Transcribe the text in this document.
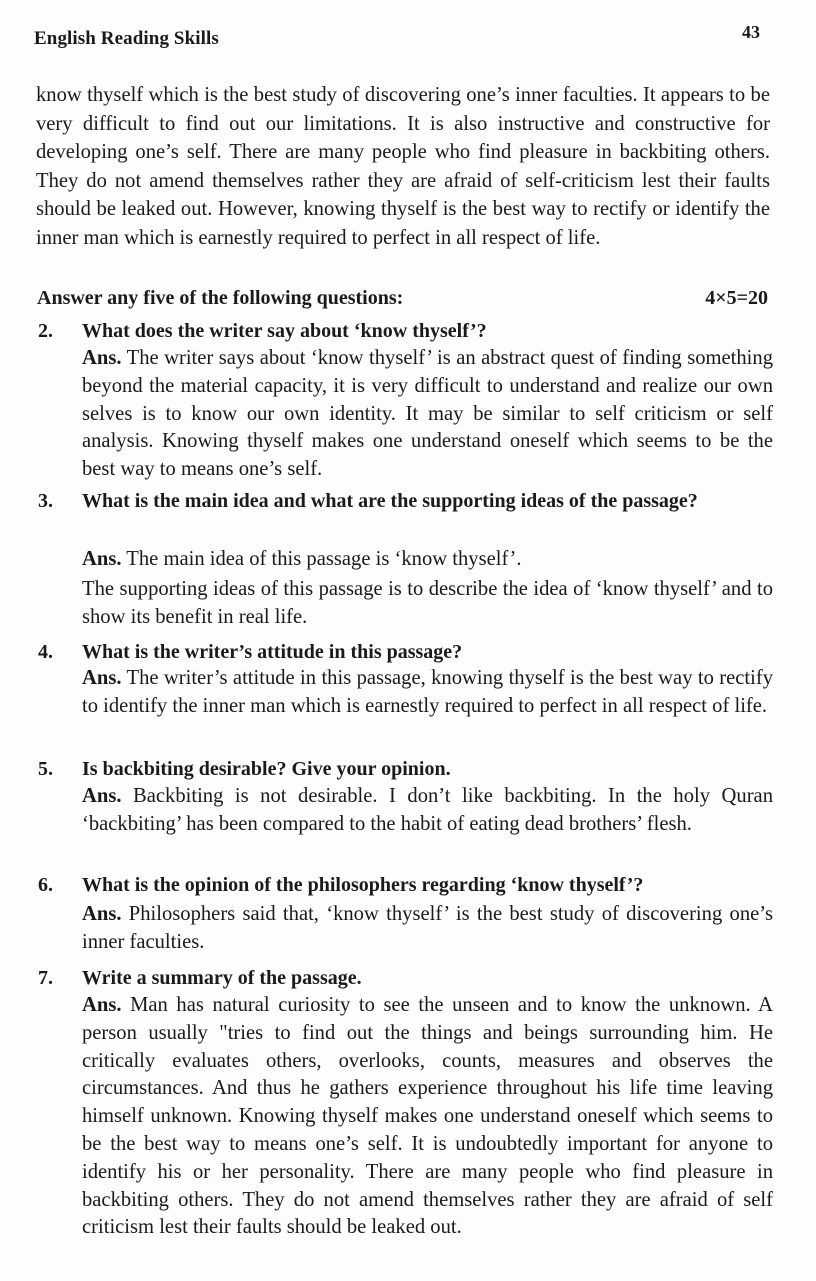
English Reading Skills	43
know thyself which is the best study of discovering one’s inner faculties. It appears to be very difficult to find out our limitations. It is also instructive and constructive for developing one’s self. There are many people who find pleasure in backbiting others. They do not amend themselves rather they are afraid of self-criticism lest their faults should be leaked out. However, knowing thyself is the best way to rectify or identify the inner man which is earnestly required to perfect in all respect of life.
Answer any five of the following questions:	4×5=20
2. What does the writer say about ‘know thyself’?
Ans. The writer says about ‘know thyself’ is an abstract quest of finding something beyond the material capacity, it is very difficult to understand and realize our own selves is to know our own identity. It may be similar to self criticism or self analysis. Knowing thyself makes one understand oneself which seems to be the best way to means one’s self.
3. What is the main idea and what are the supporting ideas of the passage?
Ans. The main idea of this passage is ‘know thyself’.
The supporting ideas of this passage is to describe the idea of ‘know thyself’ and to show its benefit in real life.
4. What is the writer’s attitude in this passage?
Ans. The writer’s attitude in this passage, knowing thyself is the best way to rectify to identify the inner man which is earnestly required to perfect in all respect of life.
5. Is backbiting desirable? Give your opinion.
Ans. Backbiting is not desirable. I don’t like backbiting. In the holy Quran ‘backbiting’ has been compared to the habit of eating dead brothers’ flesh.
6. What is the opinion of the philosophers regarding ‘know thyself’?
Ans. Philosophers said that, ‘know thyself’ is the best study of discovering one’s inner faculties.
7. Write a summary of the passage.
Ans. Man has natural curiosity to see the unseen and to know the unknown. A person usually "tries to find out the things and beings surrounding him. He critically evaluates others, overlooks, counts, measures and observes the circumstances. And thus he gathers experience throughout his life time leaving himself unknown. Knowing thyself makes one understand oneself which seems to be the best way to means one’s self. It is undoubtedly important for anyone to identify his or her personality. There are many people who find pleasure in backbiting others. They do not amend themselves rather they are afraid of self criticism lest their faults should be leaked out.
